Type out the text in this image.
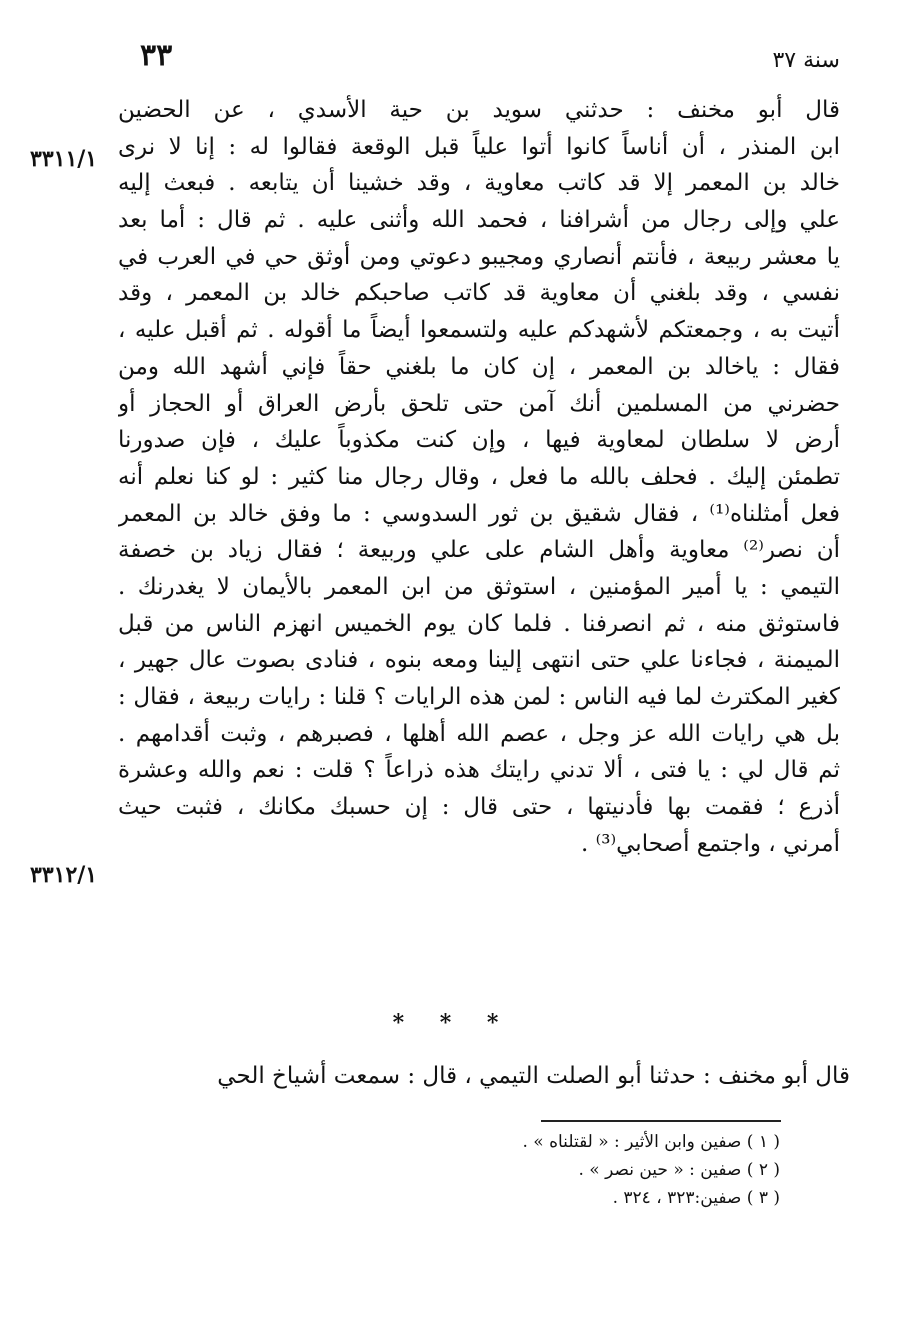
٣٣	سنة ٣٧
٣٣١١/١
٣٣١٢/١
قال أبو مخنف : حدثني سويد بن حية الأسدي ، عن الحضين
ابن المنذر ، أن أناساً كانوا أتوا علياً قبل الوقعة فقالوا له : إنا لا نرى
خالد بن المعمر إلا قد كاتب معاوية ، وقد خشينا أن يتابعه . فبعث إليه
علي وإلى رجال من أشرافنا ، فحمد الله وأثنى عليه . ثم قال : أما بعد
يا معشر ربيعة ، فأنتم أنصاري ومجيبو دعوتي ومن أوثق حي في العرب في
نفسي ، وقد بلغني أن معاوية قد كاتب صاحبكم خالد بن المعمر ، وقد
أتيت به ، وجمعتكم لأشهدكم عليه ولتسمعوا أيضاً ما أقوله . ثم أقبل عليه ،
فقال : ياخالد بن المعمر ، إن كان ما بلغني حقاً فإني أشهد الله ومن
حضرني من المسلمين أنك آمن حتى تلحق بأرض العراق أو الحجاز أو
أرض لا سلطان لمعاوية فيها ، وإن كنت مكذوباً عليك ، فإن صدورنا
تطمئن إليك . فحلف بالله ما فعل ، وقال رجال منا كثير : لو كنا نعلم أنه
فعل أمثلناه⁽¹⁾ ، فقال شقيق بن ثور السدوسي : ما وفق خالد بن المعمر
أن نصر⁽²⁾ معاوية وأهل الشام على علي وربيعة ؛ فقال زياد بن خصفة
التيمي : يا أمير المؤمنين ، استوثق من ابن المعمر بالأيمان لا يغدرنك .
فاستوثق منه ، ثم انصرفنا . فلما كان يوم الخميس انهزم الناس من قبل
الميمنة ، فجاءنا علي حتى انتهى إلينا ومعه بنوه ، فنادى بصوت عال جهير ،
كغير المكترث لما فيه الناس : لمن هذه الرايات ؟ قلنا : رايات ربيعة ، فقال :
بل هي رايات الله عز وجل ، عصم الله أهلها ، فصبرهم ، وثبت أقدامهم .
ثم قال لي : يا فتى ، ألا تدني رايتك هذه ذراعاً ؟ قلت : نعم والله وعشرة
أذرع ؛ فقمت بها فأدنيتها ، حتى قال : إن حسبك مكانك ، فثبت حيث
أمرني ، واجتمع أصحابي⁽³⁾ .
* * *
قال أبو مخنف : حدثنا أبو الصلت التيمي ، قال : سمعت أشياخ الحي
( ١ ) صفين وابن الأثير : « لقتلناه » .
( ٢ ) صفين : « حين نصر » .
( ٣ ) صفين:٣٢٣ ، ٣٢٤ .
